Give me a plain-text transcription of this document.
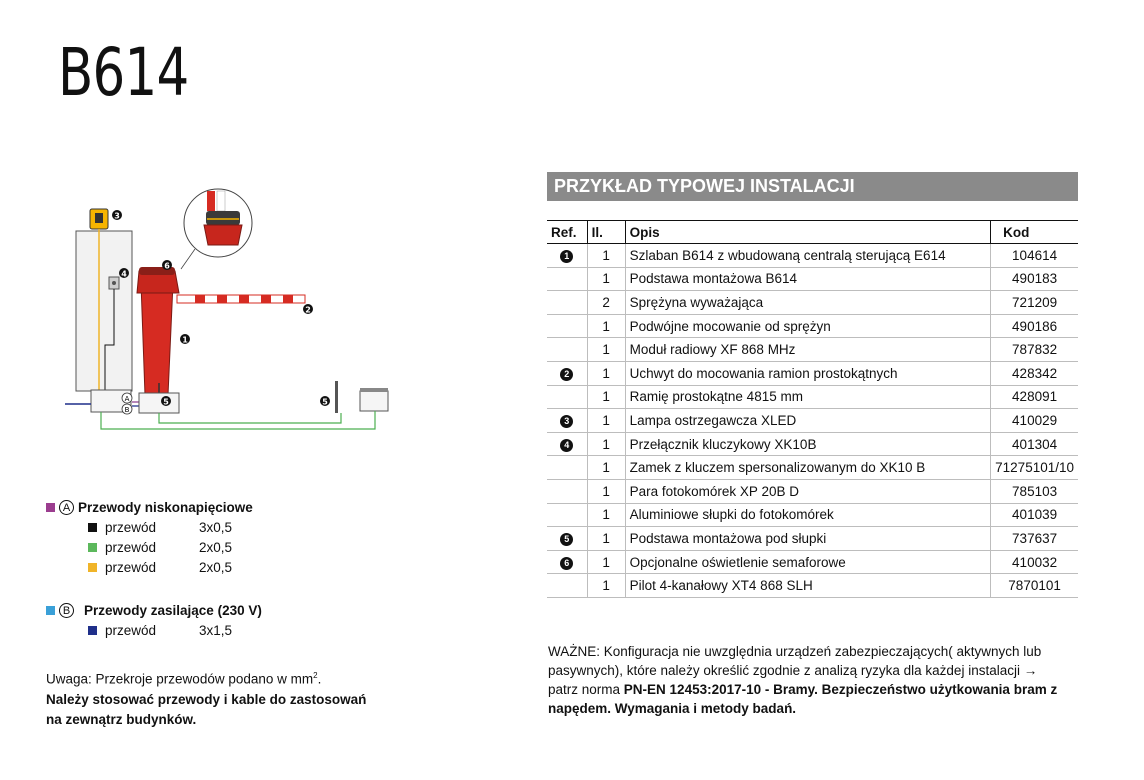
B614
3
4
A
B
5
1
6
2
5
PRZYKŁAD TYPOWEJ INSTALACJI
Ref.	Il.	Opis	Kod
1	1	Szlaban B614 z wbudowaną centralą sterującą E614	104614
	1	Podstawa montażowa B614	490183
	2	Sprężyna wyważająca	721209
	1	Podwójne mocowanie od sprężyn	490186
	1	Moduł radiowy XF 868 MHz	787832
2	1	Uchwyt do mocowania ramion prostokątnych	428342
	1	Ramię prostokątne 4815 mm	428091
3	1	Lampa ostrzegawcza XLED	410029
4	1	Przełącznik kluczykowy XK10B	401304
	1	Zamek z kluczem spersonalizowanym do XK10 B	71275101/10
	1	Para fotokomórek XP 20B D	785103
	1	Aluminiowe słupki do fotokomórek	401039
5	1	Podstawa montażowa pod słupki	737637
6	1	Opcjonalne oświetlenie semaforowe	410032
	1	Pilot 4-kanałowy XT4 868 SLH	7870101
A Przewody niskonapięciowe
przewód	3x0,5
przewód	2x0,5
przewód	2x0,5
B Przewody zasilające (230 V)
przewód	3x1,5
Uwaga: Przekroje przewodów podano w $mm^2$.
Należy stosować przewody i kable do zastosowań
na zewnątrz budynków.
WAŻNE: Konfiguracja nie uwzględnia urządzeń zabezpieczających( aktywnych lub pasywnych), które należy określić zgodnie z analizą ryzyka dla każdej instalacji → patrz norma PN-EN 12453:2017-10 - Bramy. Bezpieczeństwo użytkowania bram z napędem. Wymagania i metody badań.
